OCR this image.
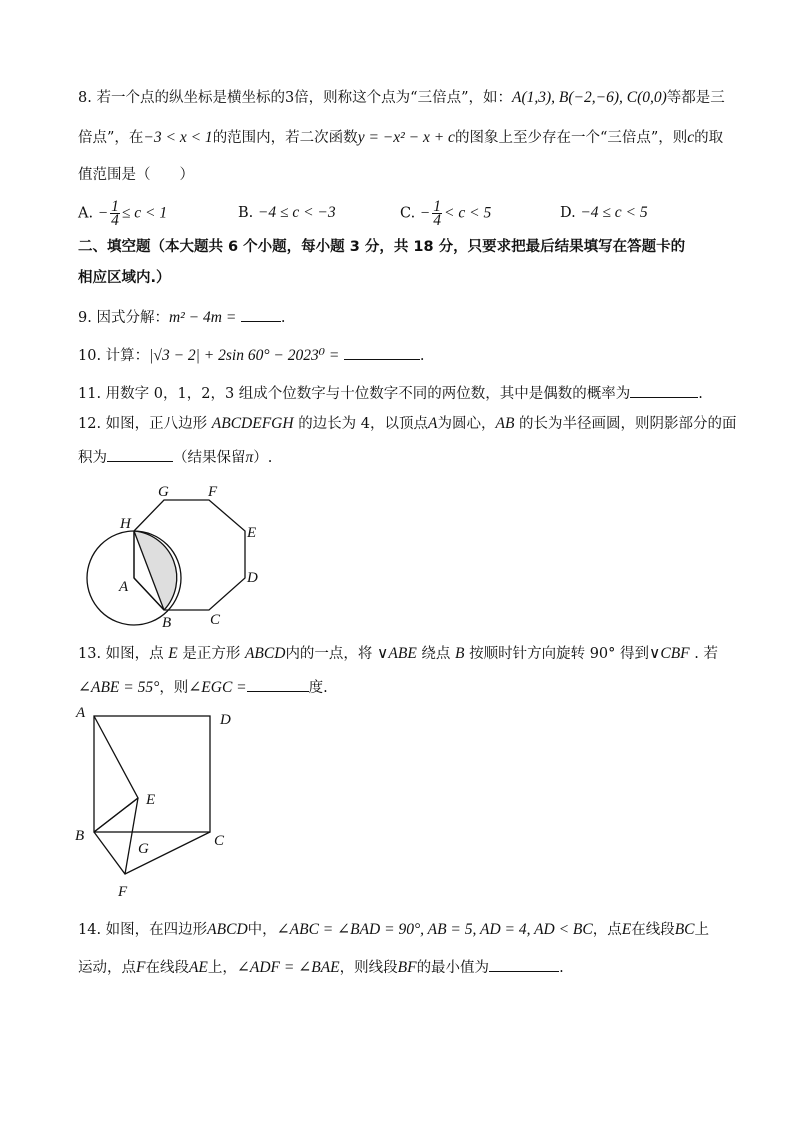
8. 若一个点的纵坐标是横坐标的3倍，则称这个点为“三倍点”，如：A(1,3), B(−2,−6), C(0,0)等都是三
倍点”，在−3 < x < 1的范围内，若二次函数y = −x² − x + c的图象上至少存在一个“三倍点”，则c的取
值范围是（　　）
A. − $\frac{1}{4} \le c < 1$	B. −4 ≤ c < −3	C. − $\frac{1}{4} < c < 5$	D. −4 ≤ c < 5
二、填空题（本大题共 6 个小题，每小题 3 分，共 18 分，只要求把最后结果填写在答题卡的
相应区域内.）
9. 因式分解：m² − 4m =	.
10. 计算：|√3 − 2| + 2sin 60° − 2023⁰ =	.
11. 用数字 0，1，2，3 组成个位数字与十位数字不同的两位数，其中是偶数的概率为	.
12. 如图，正八边形 ABCDEFGH 的边长为 4，以顶点A为圆心，AB 的长为半径画圆，则阴影部分的面
积为	（结果保留π）.
G	F
H
E
A
D
B	C
13. 如图，点 E 是正方形 ABCD内的一点，将 ∨ABE 绕点 B 按顺时针方向旋转 90° 得到∨CBF . 若
∠ABE = 55°，则∠EGC =	度.
A	D
E
B
G	C
F
14. 如图，在四边形ABCD中，∠ABC = ∠BAD = 90°, AB = 5, AD = 4, AD < BC，点E在线段BC上
运动，点F在线段AE上，∠ADF = ∠BAE，则线段BF的最小值为	.
